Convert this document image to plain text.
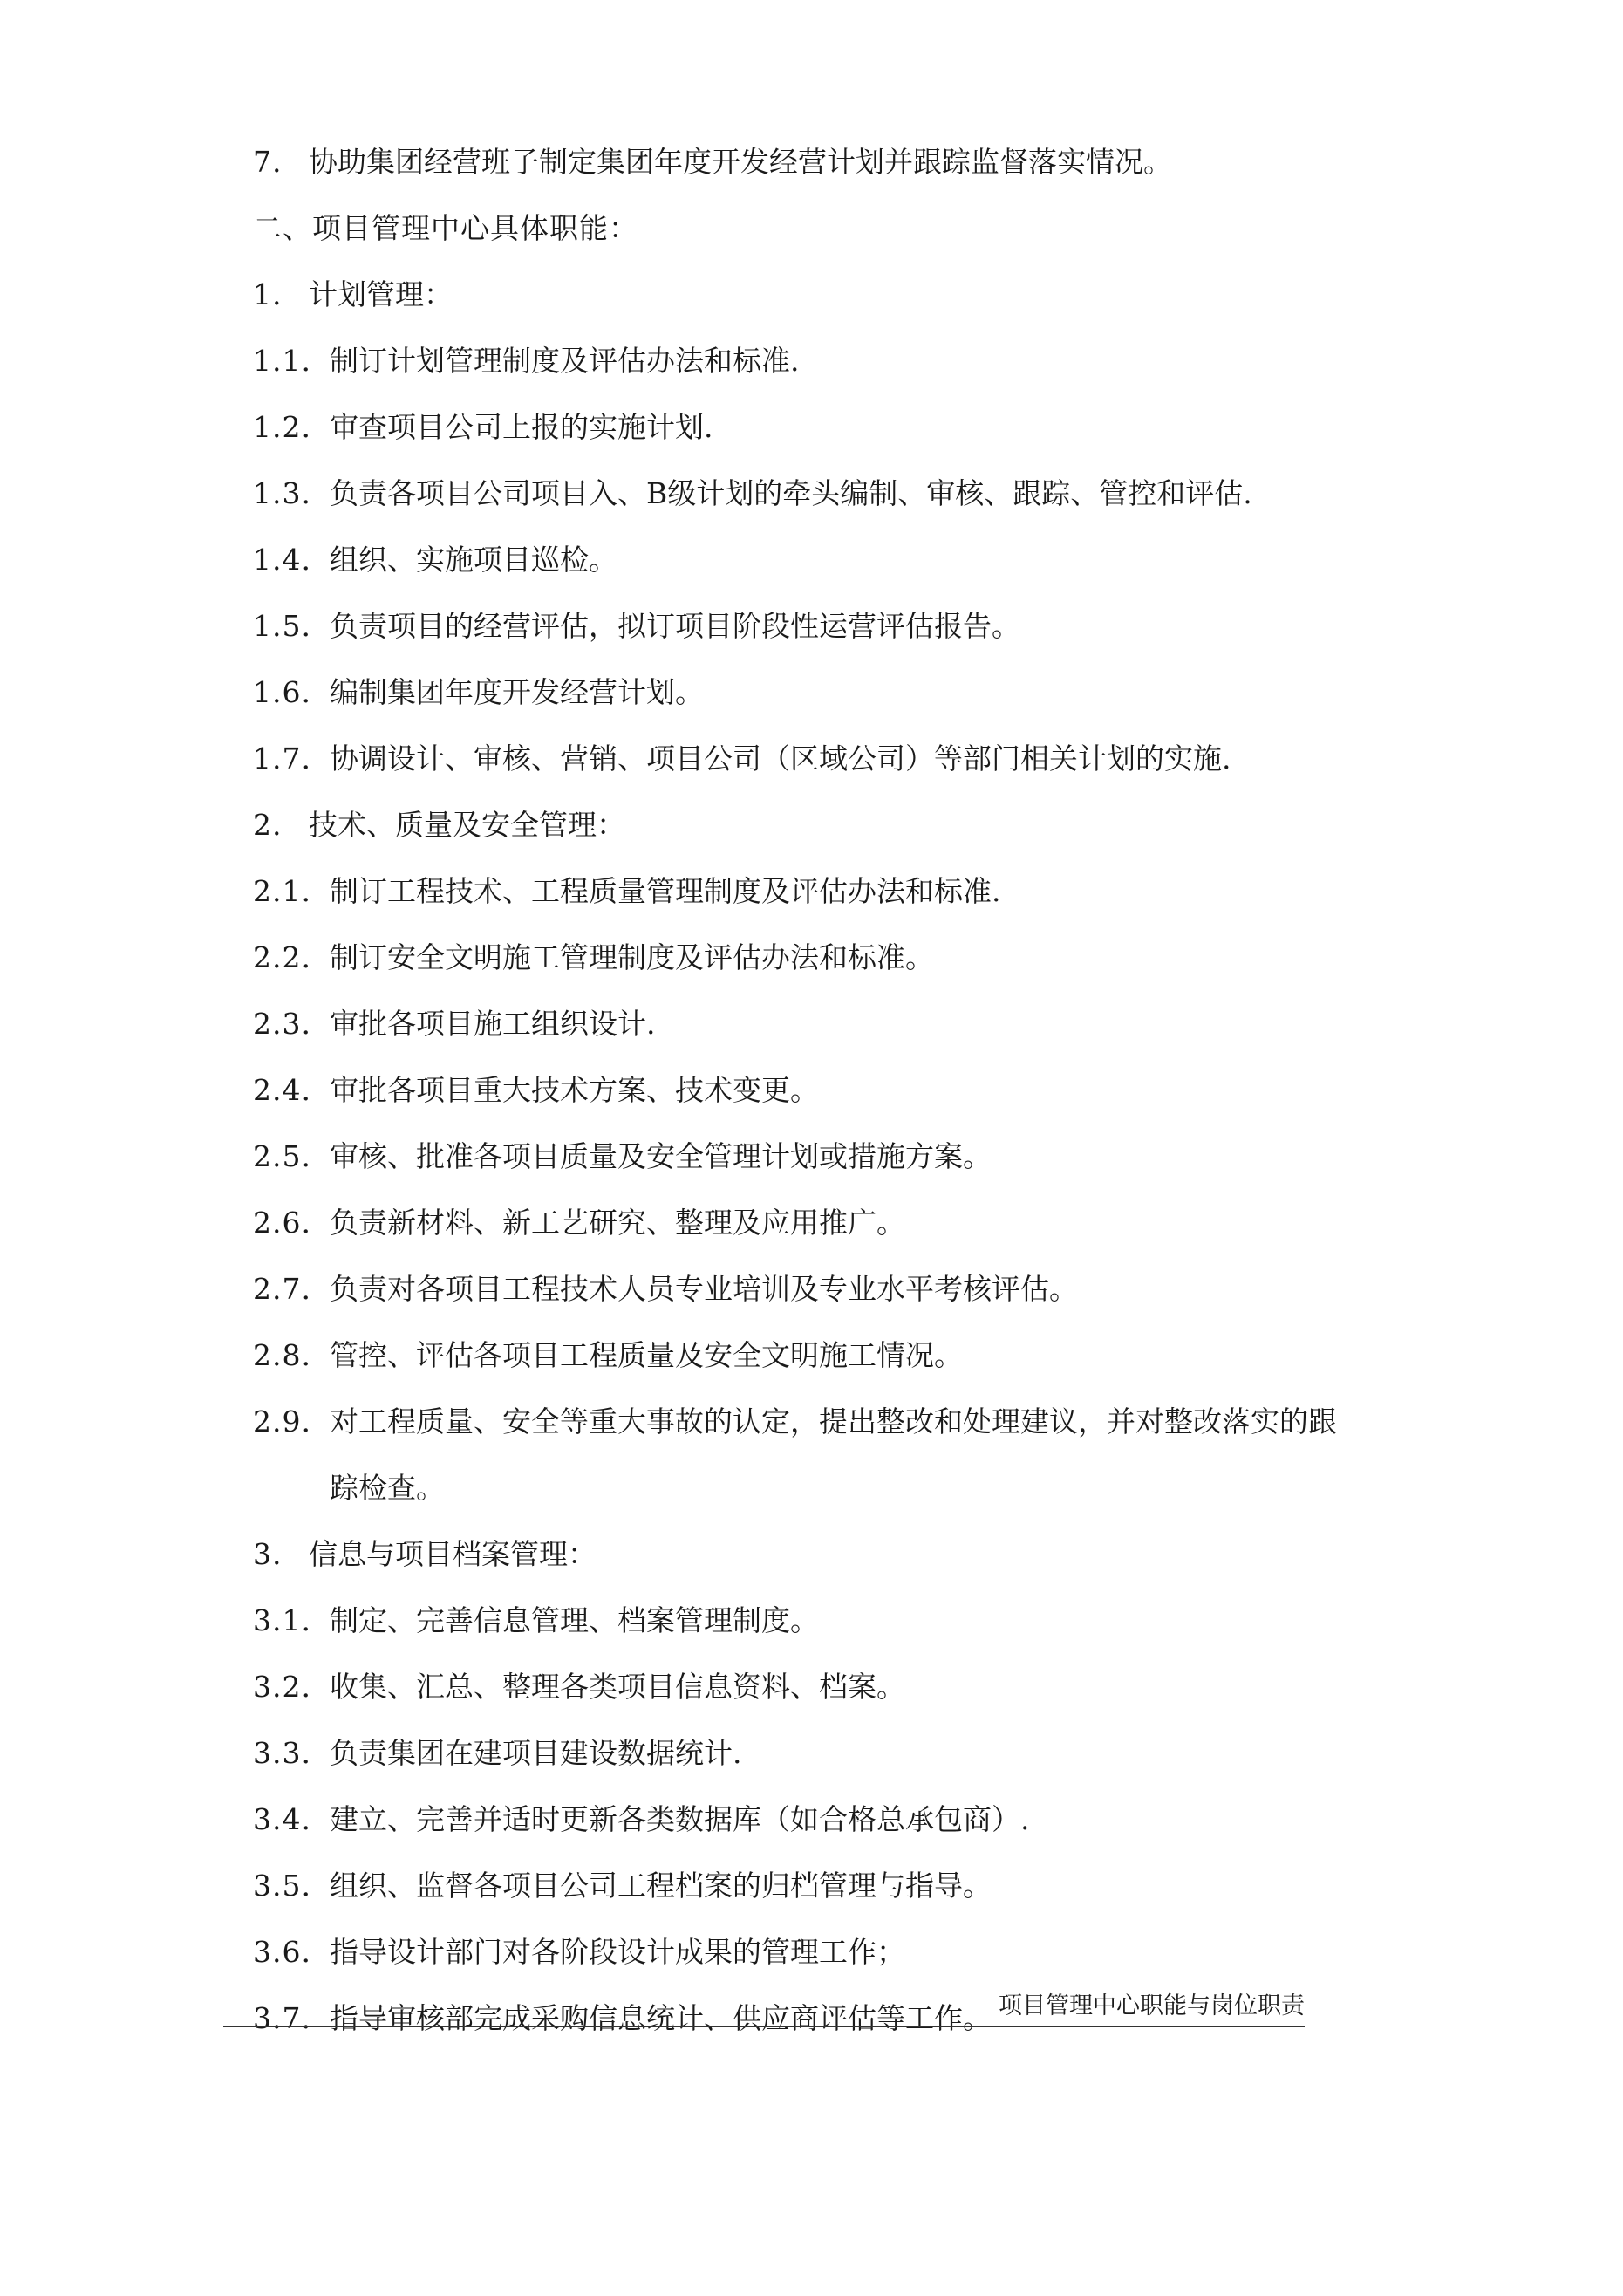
7. 协助集团经营班子制定集团年度开发经营计划并跟踪监督落实情况。
二、项目管理中心具体职能：
1. 计划管理：
1.1. 制订计划管理制度及评估办法和标准.
1.2. 审查项目公司上报的实施计划.
1.3. 负责各项目公司项目入、B级计划的牵头编制、审核、跟踪、管控和评估.
1.4. 组织、实施项目巡检。
1.5. 负责项目的经营评估，拟订项目阶段性运营评估报告。
1.6. 编制集团年度开发经营计划。
1.7. 协调设计、审核、营销、项目公司（区域公司）等部门相关计划的实施.
2. 技术、质量及安全管理：
2.1. 制订工程技术、工程质量管理制度及评估办法和标准.
2.2. 制订安全文明施工管理制度及评估办法和标准。
2.3. 审批各项目施工组织设计.
2.4. 审批各项目重大技术方案、技术变更。
2.5. 审核、批准各项目质量及安全管理计划或措施方案。
2.6. 负责新材料、新工艺研究、整理及应用推广。
2.7. 负责对各项目工程技术人员专业培训及专业水平考核评估。
2.8. 管控、评估各项目工程质量及安全文明施工情况。
2.9. 对工程质量、安全等重大事故的认定，提出整改和处理建议，并对整改落实的跟
踪检查。
3. 信息与项目档案管理：
3.1. 制定、完善信息管理、档案管理制度。
3.2. 收集、汇总、整理各类项目信息资料、档案。
3.3. 负责集团在建项目建设数据统计.
3.4. 建立、完善并适时更新各类数据库（如合格总承包商）.
3.5. 组织、监督各项目公司工程档案的归档管理与指导。
3.6. 指导设计部门对各阶段设计成果的管理工作；
3.7. 指导审核部完成采购信息统计、供应商评估等工作。 项目管理中心职能与岗位职责
